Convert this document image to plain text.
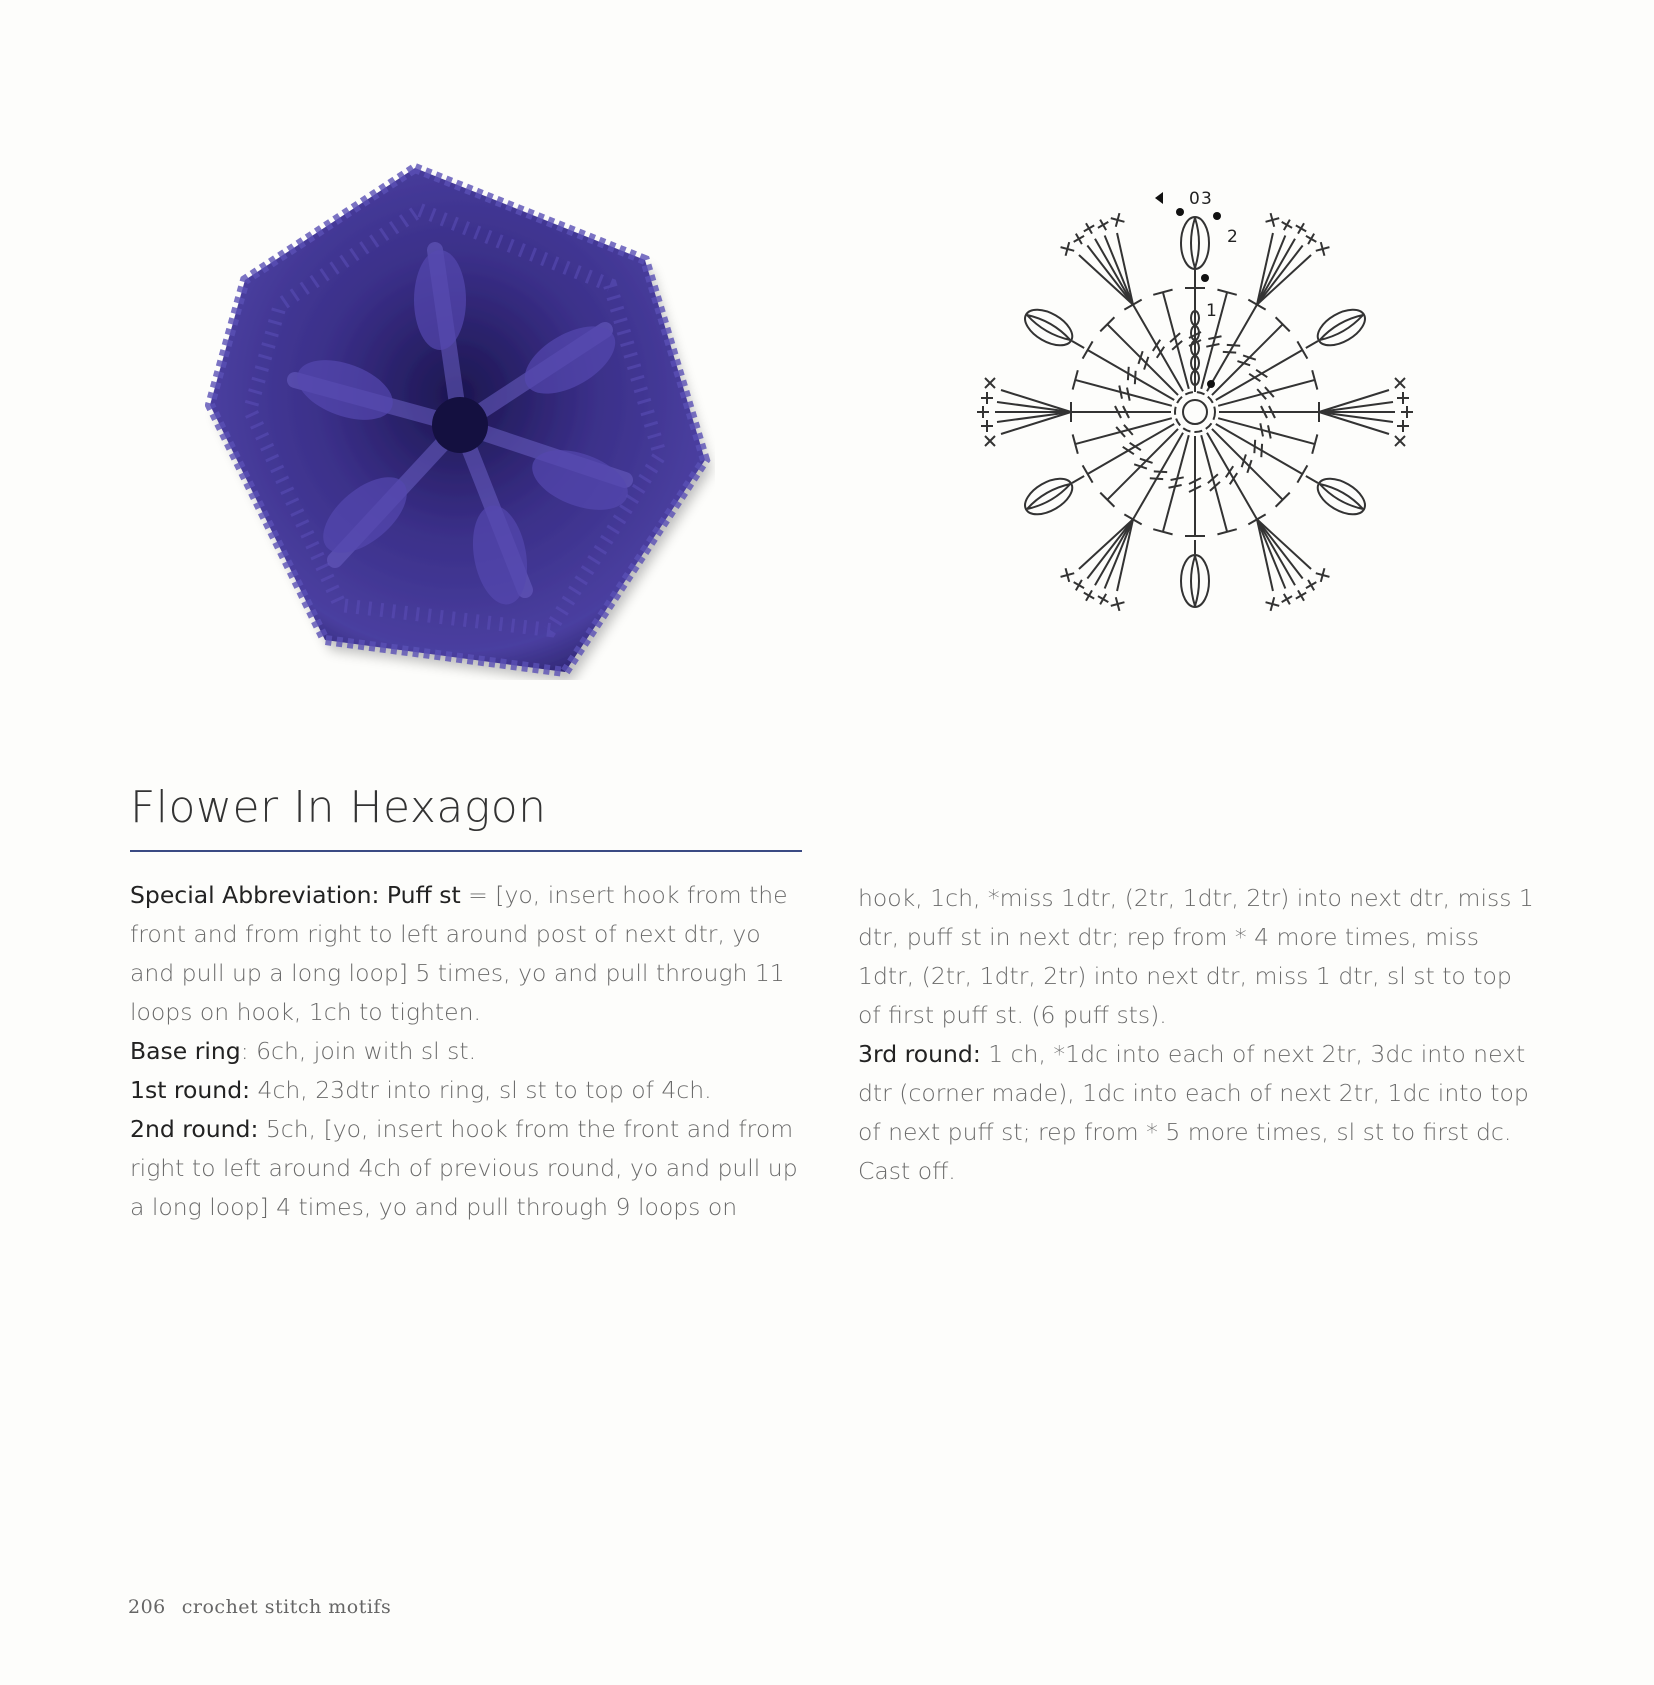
0 3
2
1
Flower In Hexagon

Special Abbreviation: Puff st = [yo, insert hook from the front and from right to left around post of next dtr, yo and pull up a long loop] 5 times, yo and pull through 11 loops on hook, 1ch to tighten.

Base ring: 6ch, join with sl st.

1st round: 4ch, 23dtr into ring, sl st to top of 4ch.

2nd round: 5ch, [yo, insert hook from the front and from right to left around 4ch of previous round, yo and pull up a long loop] 4 times, yo and pull through 9 loops on

hook, 1ch, *miss 1dtr, (2tr, 1dtr, 2tr) into next dtr, miss 1 dtr, puff st in next dtr; rep from * 4 more times, miss 1dtr, (2tr, 1dtr, 2tr) into next dtr, miss 1 dtr, sl st to top of first puff st. (6 puff sts).

3rd round: 1 ch, *1dc into each of next 2tr, 3dc into next dtr (corner made), 1dc into each of next 2tr, 1dc into top of next puff st; rep from * 5 more times, sl st to first dc. Cast off.

206 crochet stitch motifs
